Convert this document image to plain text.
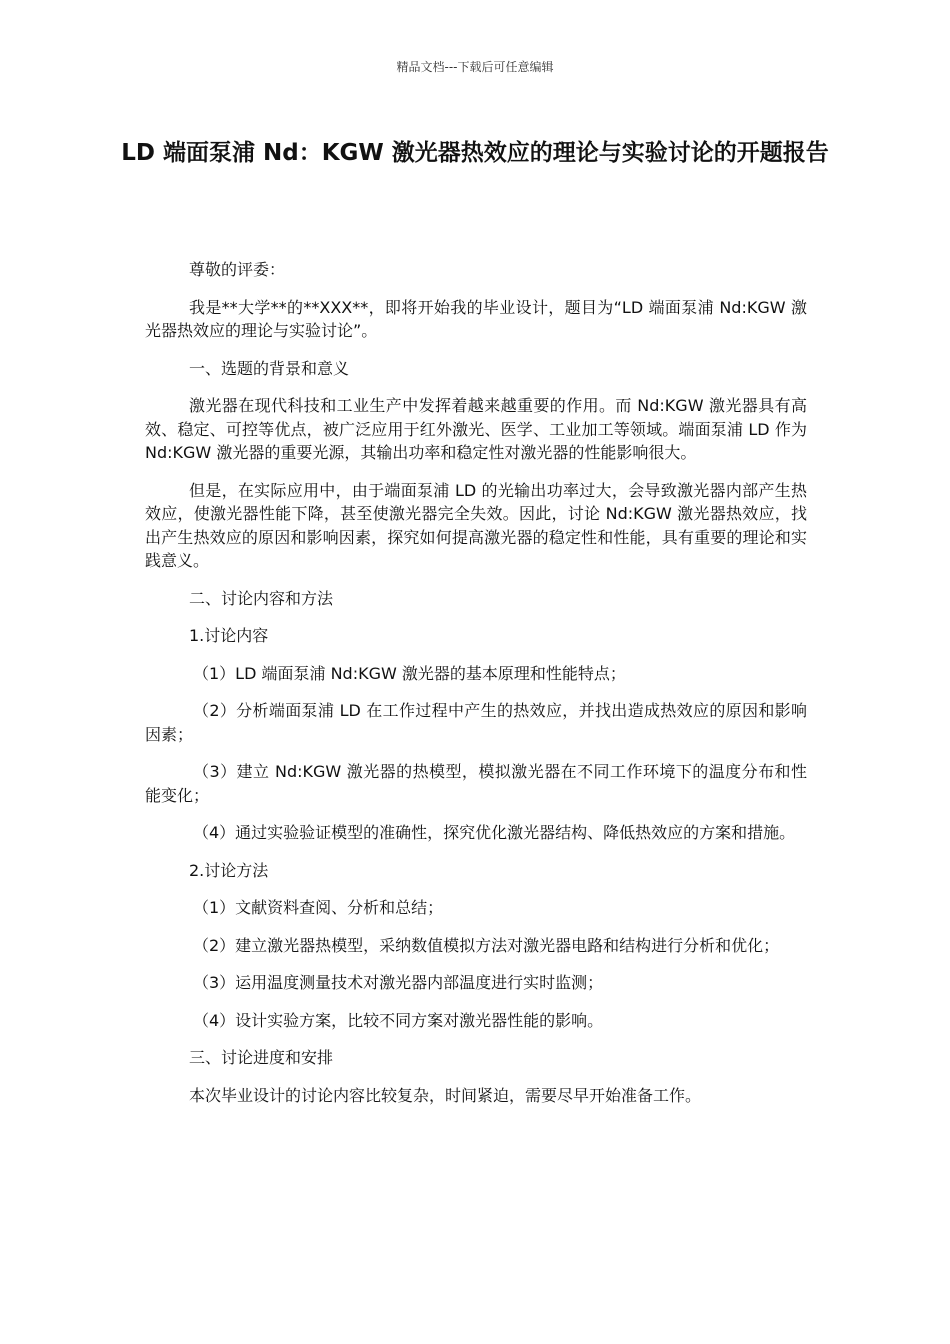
精品文档---下载后可任意编辑
LD 端面泵浦 Nd：KGW 激光器热效应的理论与实验讨论的开题报告

尊敬的评委：

我是**大学**的**XXX**，即将开始我的毕业设计，题目为“LD 端面泵浦 Nd:KGW 激光器热效应的理论与实验讨论”。

一、选题的背景和意义

激光器在现代科技和工业生产中发挥着越来越重要的作用。而 Nd:KGW 激光器具有高效、稳定、可控等优点，被广泛应用于红外激光、医学、工业加工等领域。端面泵浦 LD 作为 Nd:KGW 激光器的重要光源，其输出功率和稳定性对激光器的性能影响很大。

但是，在实际应用中，由于端面泵浦 LD 的光输出功率过大，会导致激光器内部产生热效应，使激光器性能下降，甚至使激光器完全失效。因此，讨论 Nd:KGW 激光器热效应，找出产生热效应的原因和影响因素，探究如何提高激光器的稳定性和性能，具有重要的理论和实践意义。

二、讨论内容和方法

1.讨论内容

（1）LD 端面泵浦 Nd:KGW 激光器的基本原理和性能特点；

（2）分析端面泵浦 LD 在工作过程中产生的热效应，并找出造成热效应的原因和影响因素；

（3）建立 Nd:KGW 激光器的热模型，模拟激光器在不同工作环境下的温度分布和性能变化；

（4）通过实验验证模型的准确性，探究优化激光器结构、降低热效应的方案和措施。

2.讨论方法

（1）文献资料查阅、分析和总结；

（2）建立激光器热模型，采纳数值模拟方法对激光器电路和结构进行分析和优化；

（3）运用温度测量技术对激光器内部温度进行实时监测；

（4）设计实验方案，比较不同方案对激光器性能的影响。

三、讨论进度和安排

本次毕业设计的讨论内容比较复杂，时间紧迫，需要尽早开始准备工作。
